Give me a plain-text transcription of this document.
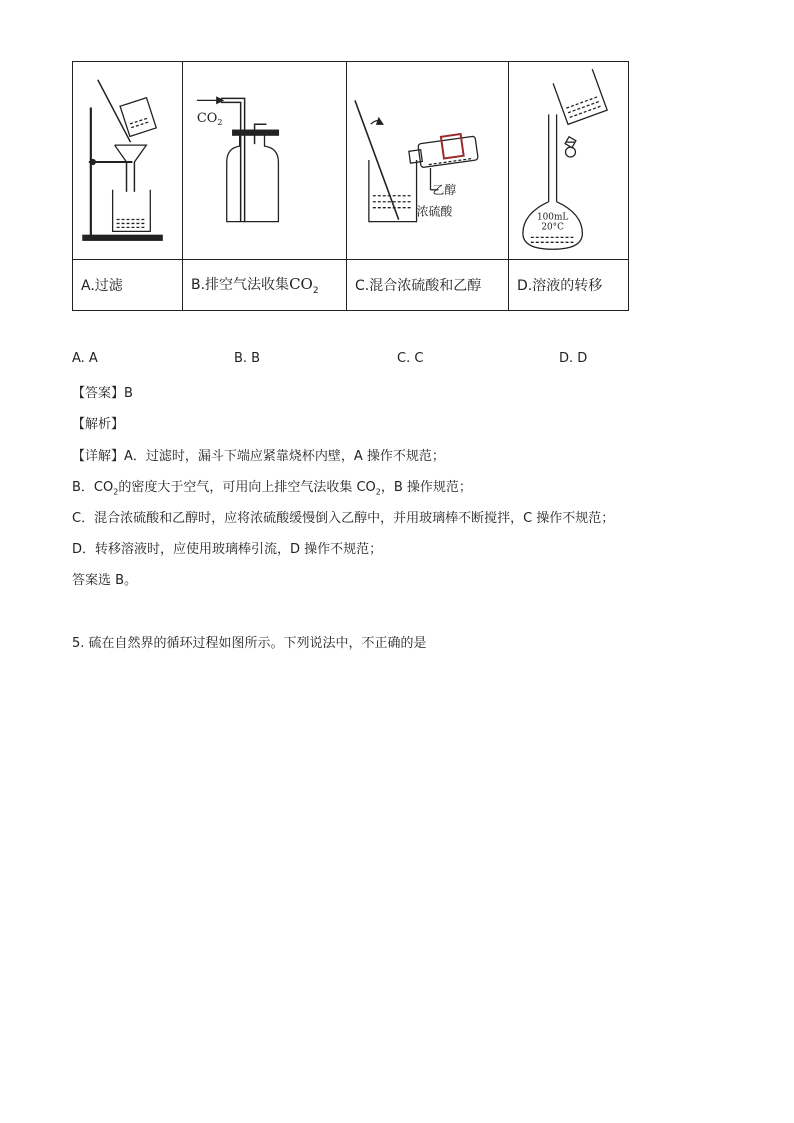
$CO_2$	乙醇
浓硫酸	100mL
20°C

A.过滤	B.排空气法收集$CO_2$	C.混合浓硫酸和乙醇	D.溶液的转移
A. A	B. B	C. C	D. D
【答案】B
【解析】
【详解】A．过滤时，漏斗下端应紧靠烧杯内壁，A 操作不规范；
B．$CO_2$的密度大于空气，可用向上排空气法收集 $CO_2$，B 操作规范；
C．混合浓硫酸和乙醇时，应将浓硫酸缓慢倒入乙醇中，并用玻璃棒不断搅拌，C 操作不规范；
D．转移溶液时，应使用玻璃棒引流，D 操作不规范；
答案选 B。
5. 硫在自然界的循环过程如图所示。下列说法中，不正确的是
